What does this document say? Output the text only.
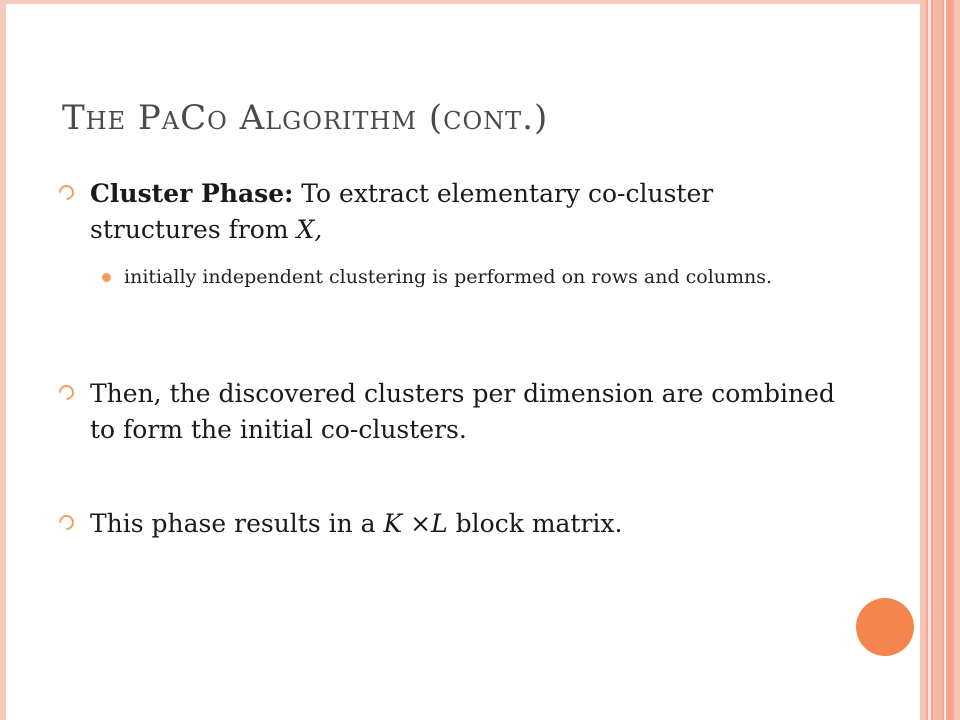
The PaCo Algorithm (cont.)
Cluster Phase: To extract elementary co-cluster structures from X,
initially independent clustering is performed on rows and columns.
Then, the discovered clusters per dimension are combined to form the initial co-clusters.
This phase results in a K ×L block matrix.
